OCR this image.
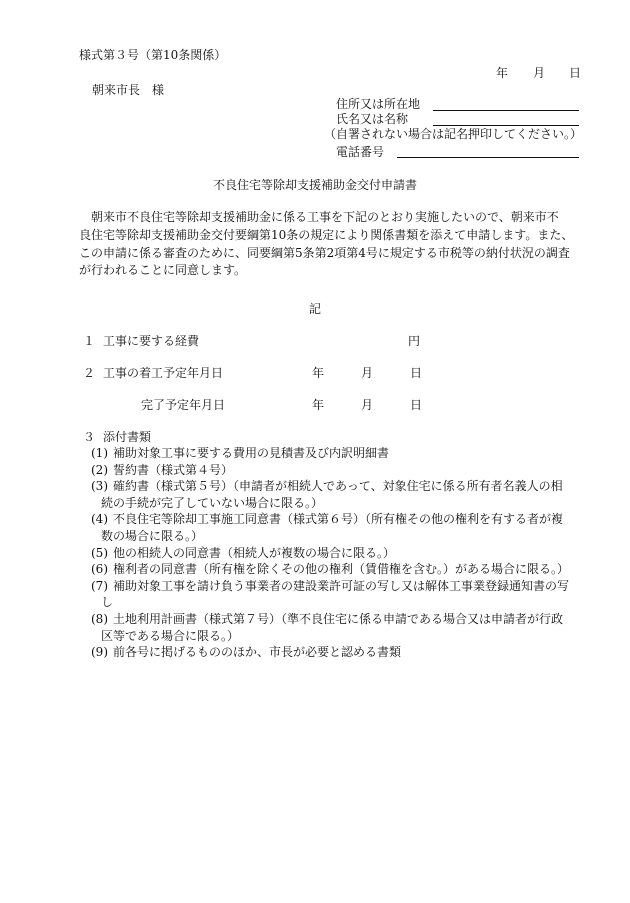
様式第３号（第10条関係）
年 月 日
朝来市長　様
住所又は所在地
氏名又は名称
（自署されない場合は記名押印してください。）
電話番号
不良住宅等除却支援補助金交付申請書
朝来市不良住宅等除却支援補助金に係る工事を下記のとおり実施したいので、朝来市不
良住宅等除却支援補助金交付要綱第10条の規定により関係書類を添えて申請します。また、
この申請に係る審査のために、同要綱第5条第2項第4号に規定する市税等の納付状況の調査
が行われることに同意します。
記
１ 工事に要する経費	円
２ 工事の着工予定年月日	年	月	日
完了予定年月日	年	月	日
３ 添付書類
(1) 補助対象工事に要する費用の見積書及び内訳明細書
(2) 誓約書（様式第４号）
(3) 確約書（様式第５号）（申請者が相続人であって、対象住宅に係る所有者名義人の相
続の手続が完了していない場合に限る。）
(4) 不良住宅等除却工事施工同意書（様式第６号）（所有権その他の権利を有する者が複
数の場合に限る。）
(5) 他の相続人の同意書（相続人が複数の場合に限る。）
(6) 権利者の同意書（所有権を除くその他の権利（賃借権を含む。）がある場合に限る。）
(7) 補助対象工事を請け負う事業者の建設業許可証の写し又は解体工事業登録通知書の写
し
(8) 土地利用計画書（様式第７号）（準不良住宅に係る申請である場合又は申請者が行政
区等である場合に限る。）
(9) 前各号に掲げるもののほか、市長が必要と認める書類
